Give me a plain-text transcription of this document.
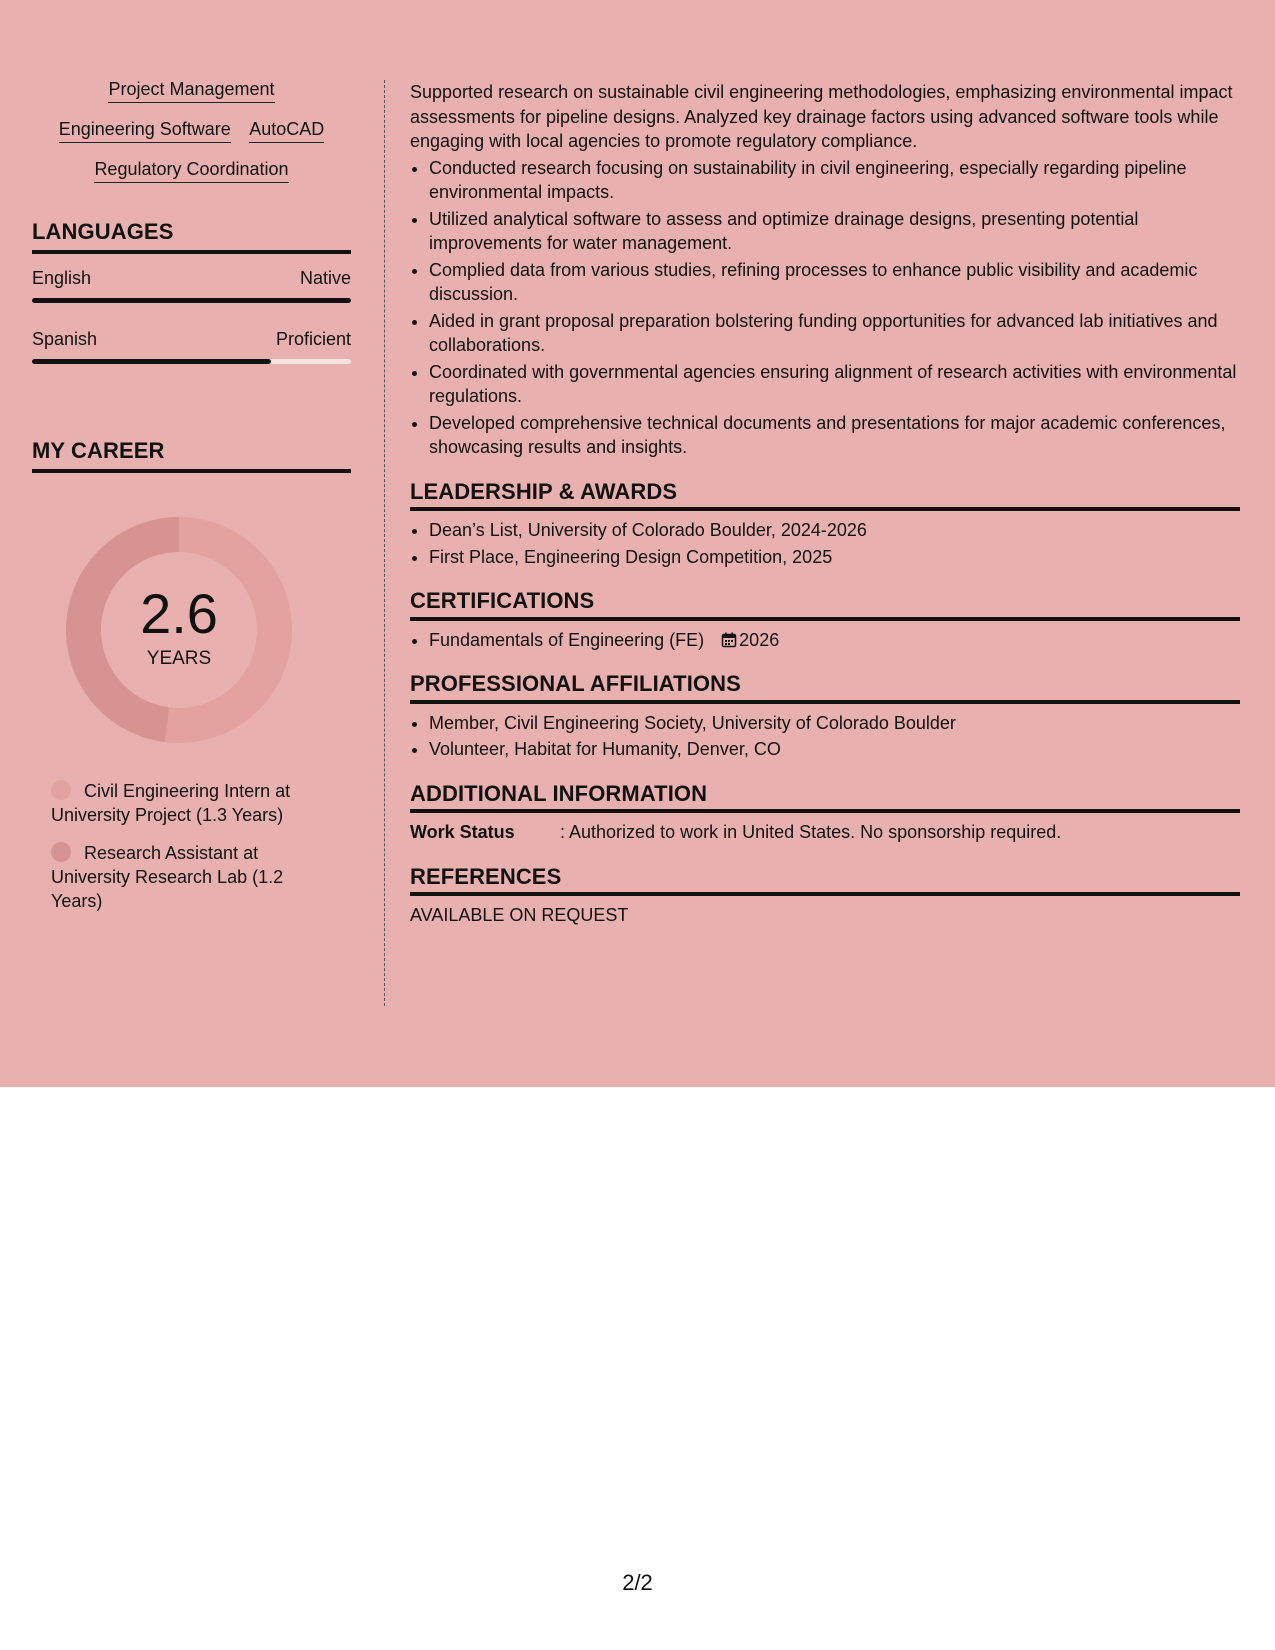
Project Management
Engineering Software AutoCAD
Regulatory Coordination
LANGUAGES
English	Native
Spanish	Proficient
MY CAREER
2.6
YEARS
Civil Engineering Intern at University Project (1.3 Years)
Research Assistant at University Research Lab (1.2 Years)

Supported research on sustainable civil engineering methodologies, emphasizing environmental impact assessments for pipeline designs. Analyzed key drainage factors using advanced software tools while engaging with local agencies to promote regulatory compliance.

• Conducted research focusing on sustainability in civil engineering, especially regarding pipeline environmental impacts.
• Utilized analytical software to assess and optimize drainage designs, presenting potential improvements for water management.
• Complied data from various studies, refining processes to enhance public visibility and academic discussion.
• Aided in grant proposal preparation bolstering funding opportunities for advanced lab initiatives and collaborations.
• Coordinated with governmental agencies ensuring alignment of research activities with environmental regulations.
• Developed comprehensive technical documents and presentations for major academic conferences, showcasing results and insights.
LEADERSHIP & AWARDS
• Dean’s List, University of Colorado Boulder, 2024-2026
• First Place, Engineering Design Competition, 2025
CERTIFICATIONS
• Fundamentals of Engineering (FE) 2026
PROFESSIONAL AFFILIATIONS
• Member, Civil Engineering Society, University of Colorado Boulder
• Volunteer, Habitat for Humanity, Denver, CO
ADDITIONAL INFORMATION
Work Status	: Authorized to work in United States. No sponsorship required.
REFERENCES
AVAILABLE ON REQUEST
2/2
